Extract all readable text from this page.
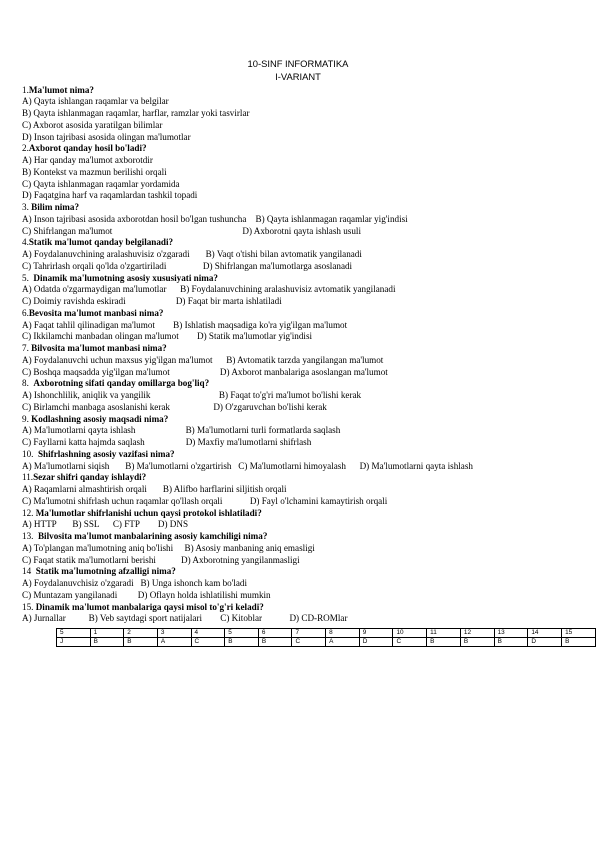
10-SINF INFORMATIKA
I-VARIANT
1.Ma'lumot nima?
A) Qayta ishlangan raqamlar va belgilar
B) Qayta ishlanmagan raqamlar, harflar, ramzlar yoki tasvirlar
C) Axborot asosida yaratilgan bilimlar
D) Inson tajribasi asosida olingan ma'lumotlar
2.Axborot qanday hosil bo'ladi?
A) Har qanday ma'lumot axborotdir
B) Kontekst va mazmun berilishi orqali
C) Qayta ishlanmagan raqamlar yordamida
D) Faqatgina harf va raqamlardan tashkil topadi
3. Bilim nima?
A) Inson tajribasi asosida axborotdan hosil bo'lgan tushuncha    B) Qayta ishlanmagan raqamlar yig'indisi
C) Shifrlangan ma'lumot                                                         D) Axborotni qayta ishlash usuli
4.Statik ma'lumot qanday belgilanadi?
A) Foydalanuvchining aralashuvisiz o'zgaradi       B) Vaqt o'tishi bilan avtomatik yangilanadi
C) Tahrirlash orqali qo'lda o'zgartiriladi                D) Shifrlangan ma'lumotlarga asoslanadi
5.  Dinamik ma'lumotning asosiy xususiyati nima?
A) Odatda o'zgarmaydigan ma'lumotlar      B) Foydalanuvchining aralashuvisiz avtomatik yangilanadi
C) Doimiy ravishda eskiradi                      D) Faqat bir marta ishlatiladi
6.Bevosita ma'lumot manbasi nima?
A) Faqat tahlil qilinadigan ma'lumot        B) Ishlatish maqsadiga ko'ra yig'ilgan ma'lumot
C) Ikkilamchi manbadan olingan ma'lumot        D) Statik ma'lumotlar yig'indisi
7. Bilvosita ma'lumot manbasi nima?
A) Foydalanuvchi uchun maxsus yig'ilgan ma'lumot      B) Avtomatik tarzda yangilangan ma'lumot
C) Boshqa maqsadda yig'ilgan ma'lumot                      D) Axborot manbalariga asoslangan ma'lumot
8.  Axborotning sifati qanday omillarga bog'liq?
A) Ishonchlilik, aniqlik va yangilik                              B) Faqat to'g'ri ma'lumot bo'lishi kerak
C) Birlamchi manbaga asoslanishi kerak                   D) O'zgaruvchan bo'lishi kerak
9. Kodlashning asosiy maqsadi nima?
A) Ma'lumotlarni qayta ishlash                      B) Ma'lumotlarni turli formatlarda saqlash
C) Fayllarni katta hajmda saqlash                  D) Maxfiy ma'lumotlarni shifrlash
10.  Shifrlashning asosiy vazifasi nima?
A) Ma'lumotlarni siqish       B) Ma'lumotlarni o'zgartirish   C) Ma'lumotlarni himoyalash      D) Ma'lumotlarni qayta ishlash
11.Sezar shifri qanday ishlaydi?
A) Raqamlarni almashtirish orqali       B) Alifbo harflarini siljitish orqali
C) Ma'lumotni shifrlash uchun raqamlar qo'llash orqali            D) Fayl o'lchamini kamaytirish orqali
12. Ma'lumotlar shifrlanishi uchun qaysi protokol ishlatiladi?
A) HTTP       B) SSL      C) FTP        D) DNS
13.  Bilvosita ma'lumot manbalarining asosiy kamchiligi nima?
A) To'plangan ma'lumotning aniq bo'lishi     B) Asosiy manbaning aniq emasligi
C) Faqat statik ma'lumotlarni berishi           D) Axborotning yangilanmasligi
14  Statik ma'lumotning afzalligi nima?
A) Foydalanuvchisiz o'zgaradi   B) Unga ishonch kam bo'ladi
C) Muntazam yangilanadi         D) Oflayn holda ishlatilishi mumkin
15. Dinamik ma'lumot manbalariga qaysi misol to'g'ri keladi?
A) Jurnallar          B) Veb saytdagi sport natijalari        C) Kitoblar            D) CD-ROMlar
5	1	2	3	4	5	6	7	8	9	10	11	12	13	14	15
J	B	B	A	C	B	B	C	A	D	C	B	B	B	D	B
